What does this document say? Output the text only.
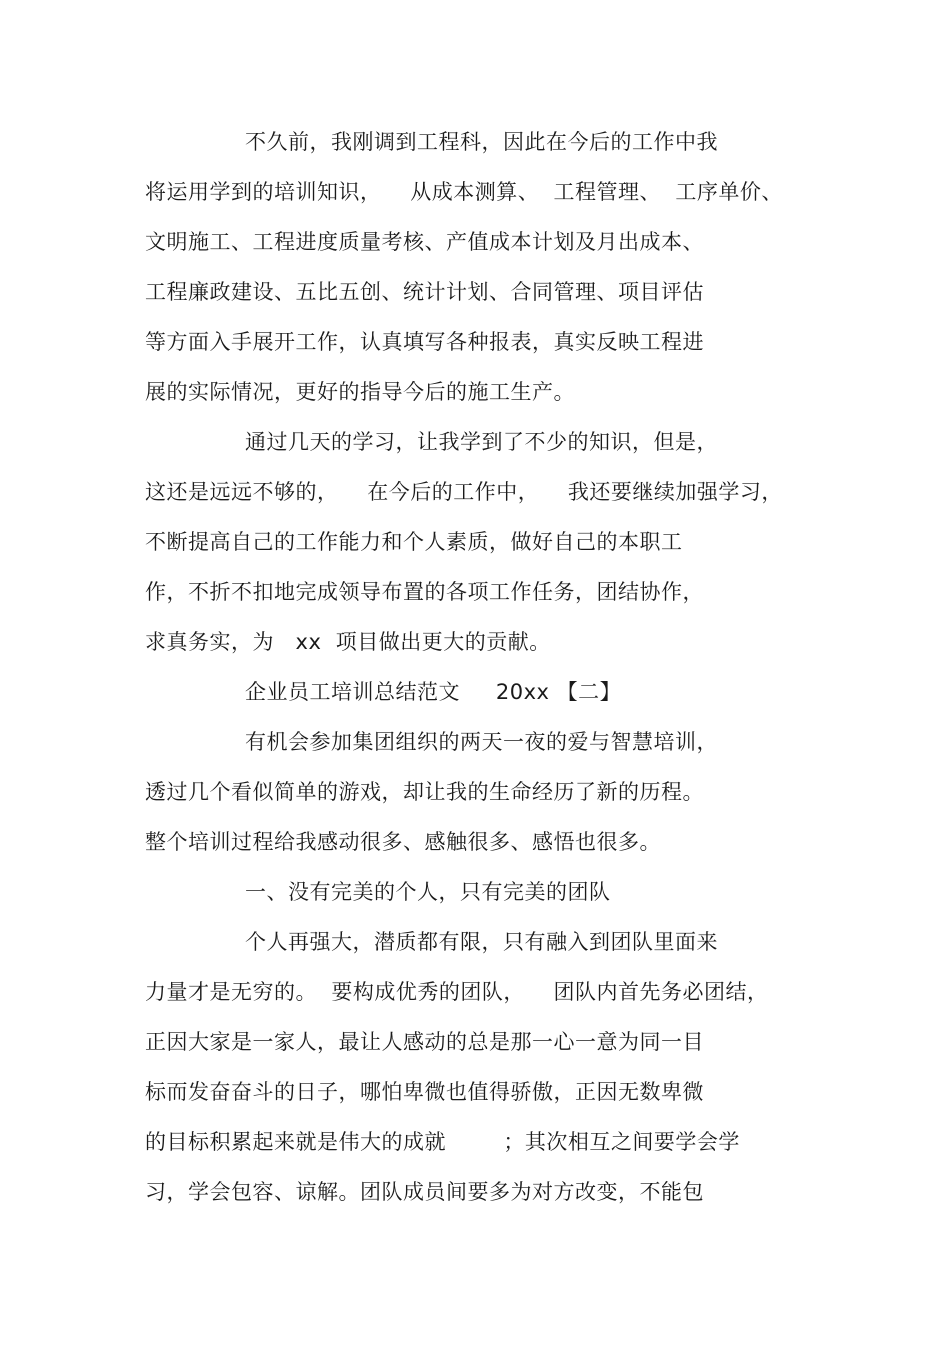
不久前，我刚调到工程科，因此在今后的工作中我
将运用学到的培训知识，    从成本测算、  工程管理、  工序单价、
文明施工、工程进度质量考核、产值成本计划及月出成本、
工程廉政建设、五比五创、统计计划、合同管理、项目评估
等方面入手展开工作，认真填写各种报表，真实反映工程进
展的实际情况，更好的指导今后的施工生产。
通过几天的学习，让我学到了不少的知识，但是，
这还是远远不够的，    在今后的工作中，    我还要继续加强学习，
不断提高自己的工作能力和个人素质，做好自己的本职工
作，不折不扣地完成领导布置的各项工作任务，团结协作，
求真务实，为   xx  项目做出更大的贡献。
企业员工培训总结范文     20xx 【二】
有机会参加集团组织的两天一夜的爱与智慧培训，
透过几个看似简单的游戏，却让我的生命经历了新的历程。
整个培训过程给我感动很多、感触很多、感悟也很多。
一、没有完美的个人，只有完美的团队
个人再强大，潜质都有限，只有融入到团队里面来
力量才是无穷的。  要构成优秀的团队，    团队内首先务必团结，
正因大家是一家人，最让人感动的总是那一心一意为同一目
标而发奋奋斗的日子，哪怕卑微也值得骄傲，正因无数卑微
的目标积累起来就是伟大的成就        ；其次相互之间要学会学
习，学会包容、谅解。团队成员间要多为对方改变，不能包
